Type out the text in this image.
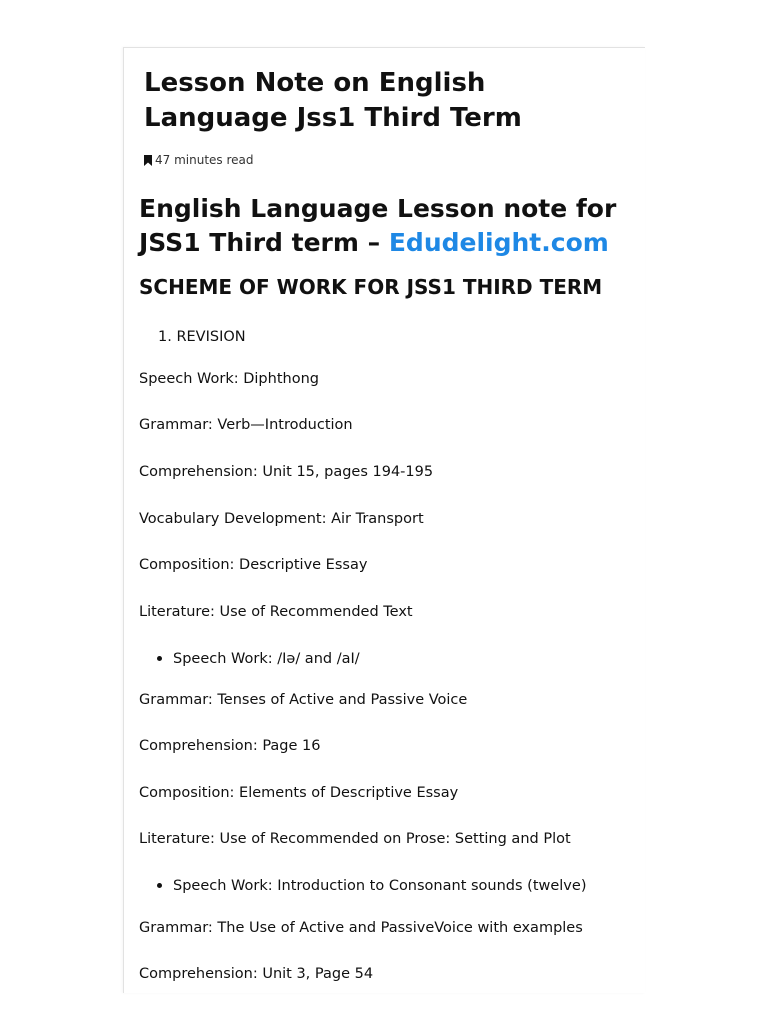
Lesson Note on English Language Jss1 Third Term
47 minutes read
English Language Lesson note for JSS1 Third term – Edudelight.com
SCHEME OF WORK FOR JSS1 THIRD TERM
1. REVISION
Speech Work: Diphthong
Grammar: Verb—Introduction
Comprehension: Unit 15, pages 194-195
Vocabulary Development: Air Transport
Composition: Descriptive Essay
Literature: Use of Recommended Text
Speech Work: /Iə/ and /aI/
Grammar: Tenses of Active and Passive Voice
Comprehension: Page 16
Composition: Elements of Descriptive Essay
Literature: Use of Recommended on Prose: Setting and Plot
Speech Work: Introduction to Consonant sounds (twelve)
Grammar: The Use of Active and PassiveVoice with examples
Comprehension: Unit 3, Page 54
